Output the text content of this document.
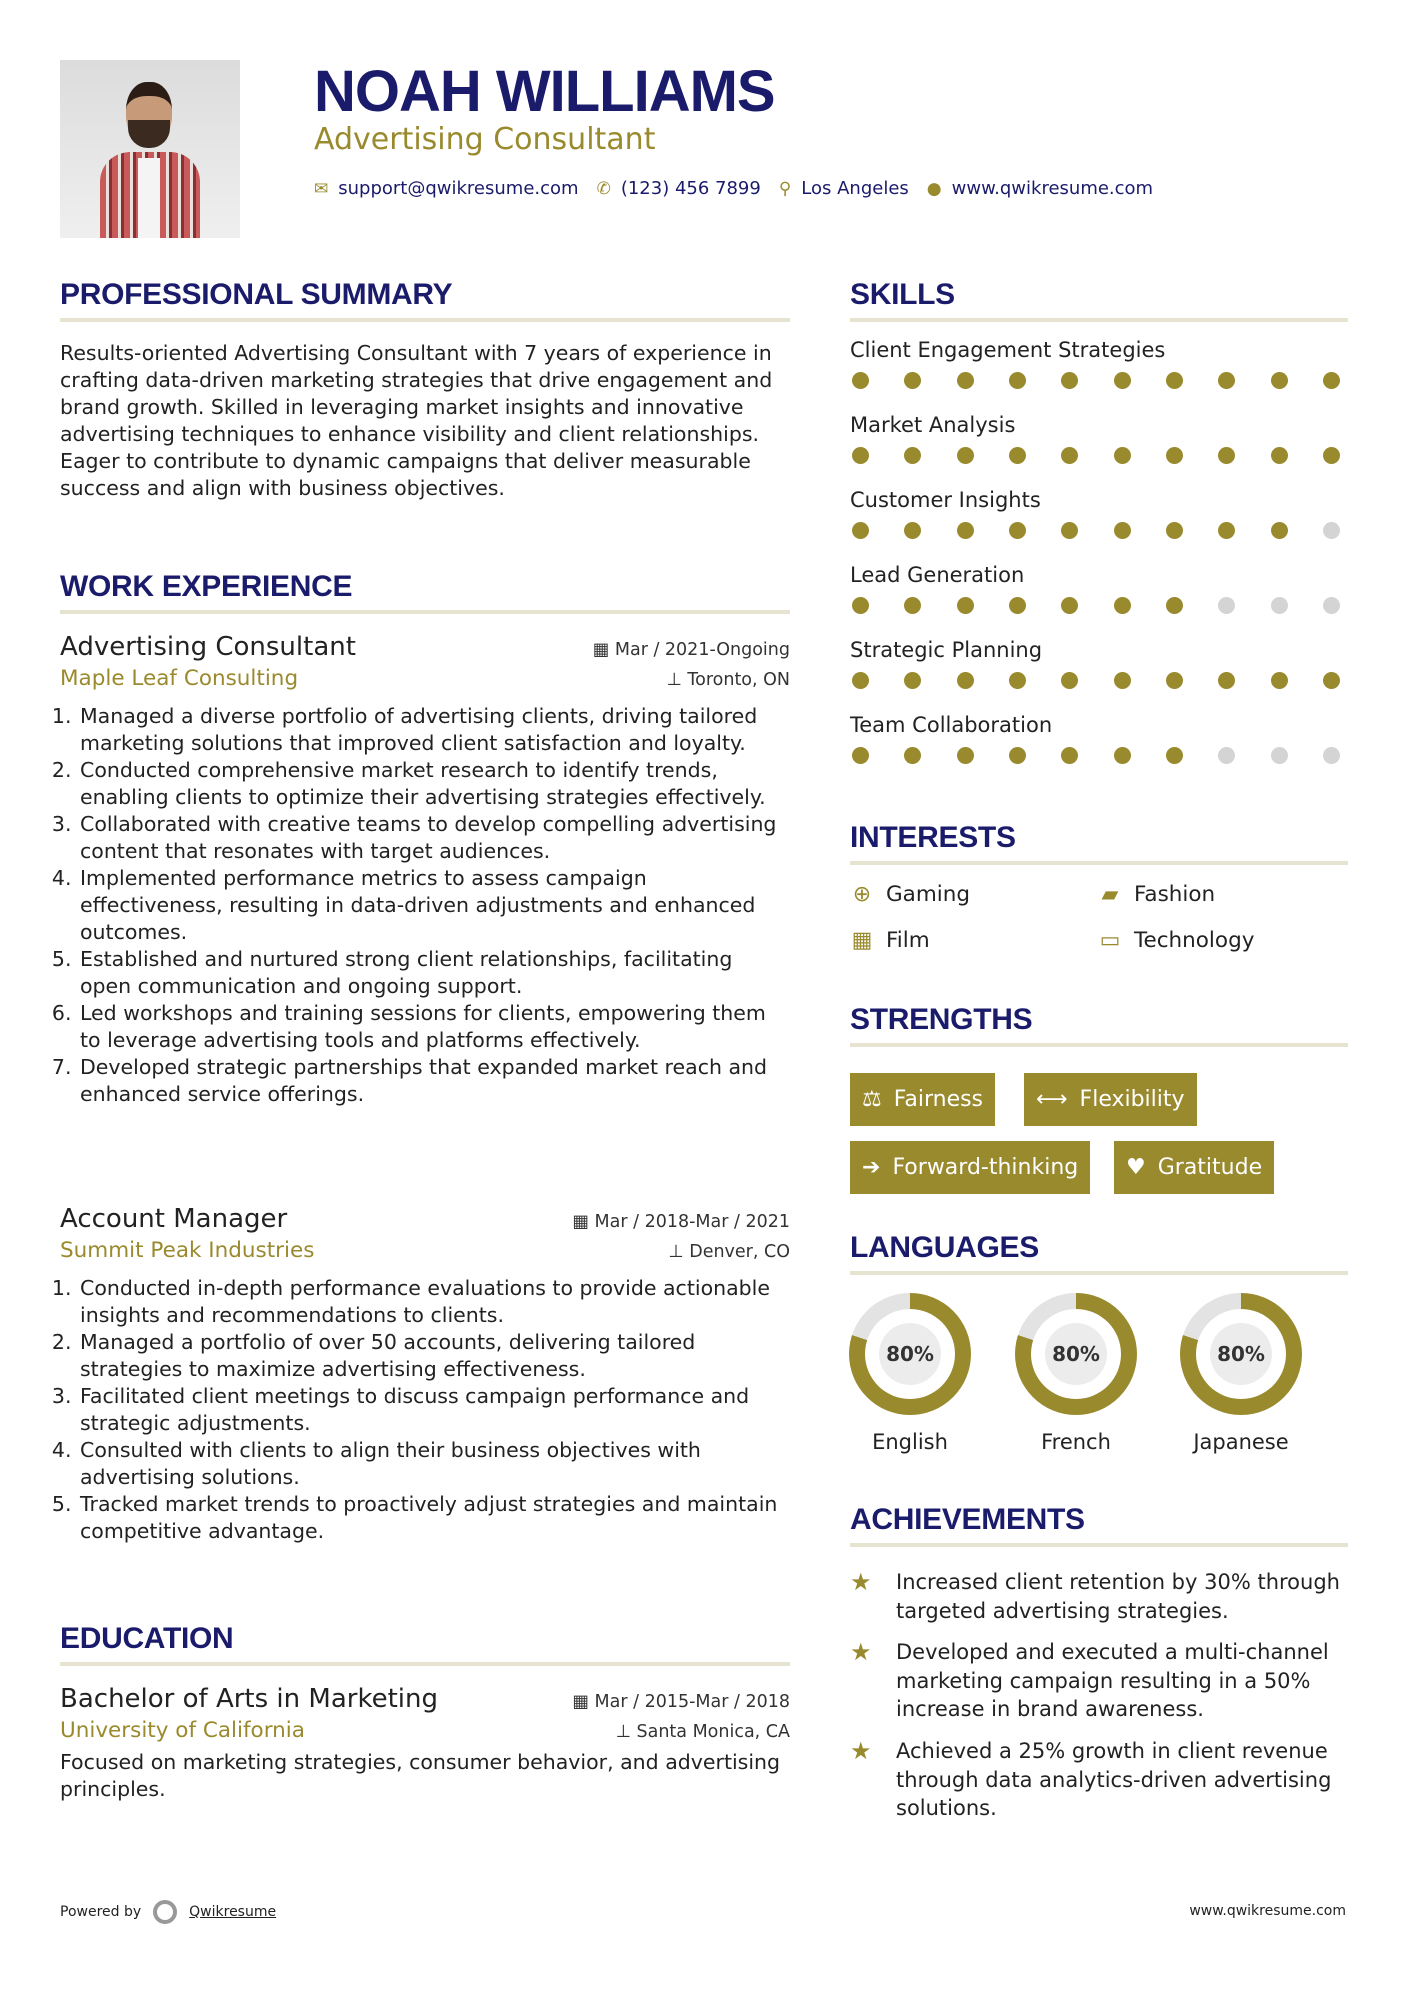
NOAH WILLIAMS
Advertising Consultant
✉ support@qwikresume.com ✆ (123) 456 7899 ⚲ Los Angeles ● www.qwikresume.com
PROFESSIONAL SUMMARY
Results-oriented Advertising Consultant with 7 years of experience in crafting data-driven marketing strategies that drive engagement and brand growth. Skilled in leveraging market insights and innovative advertising techniques to enhance visibility and client relationships. Eager to contribute to dynamic campaigns that deliver measurable success and align with business objectives.
WORK EXPERIENCE
Advertising Consultant	▦ Mar / 2021-Ongoing
Maple Leaf Consulting	⊥ Toronto, ON
1. Managed a diverse portfolio of advertising clients, driving tailored marketing solutions that improved client satisfaction and loyalty.
2. Conducted comprehensive market research to identify trends, enabling clients to optimize their advertising strategies effectively.
3. Collaborated with creative teams to develop compelling advertising content that resonates with target audiences.
4. Implemented performance metrics to assess campaign effectiveness, resulting in data-driven adjustments and enhanced outcomes.
5. Established and nurtured strong client relationships, facilitating open communication and ongoing support.
6. Led workshops and training sessions for clients, empowering them to leverage advertising tools and platforms effectively.
7. Developed strategic partnerships that expanded market reach and enhanced service offerings.
Account Manager	▦ Mar / 2018-Mar / 2021
Summit Peak Industries	⊥ Denver, CO
1. Conducted in-depth performance evaluations to provide actionable insights and recommendations to clients.
2. Managed a portfolio of over 50 accounts, delivering tailored strategies to maximize advertising effectiveness.
3. Facilitated client meetings to discuss campaign performance and strategic adjustments.
4. Consulted with clients to align their business objectives with advertising solutions.
5. Tracked market trends to proactively adjust strategies and maintain competitive advantage.
EDUCATION
Bachelor of Arts in Marketing	▦ Mar / 2015-Mar / 2018
University of California	⊥ Santa Monica, CA
Focused on marketing strategies, consumer behavior, and advertising principles.
SKILLS
Client Engagement Strategies
Market Analysis
Customer Insights
Lead Generation
Strategic Planning
Team Collaboration
INTERESTS
⊕ Gaming	▰ Fashion
▦ Film	▭ Technology
STRENGTHS
⚖ Fairness ⟷ Flexibility
➔ Forward-thinking ♥ Gratitude
LANGUAGES
80%	80%	80%
English	French	Japanese
ACHIEVEMENTS
★	Increased client retention by 30% through targeted advertising strategies.
★	Developed and executed a multi-channel marketing campaign resulting in a 50% increase in brand awareness.
★	Achieved a 25% growth in client revenue through data analytics-driven advertising solutions.
Powered by	Qwikresume	www.qwikresume.com
